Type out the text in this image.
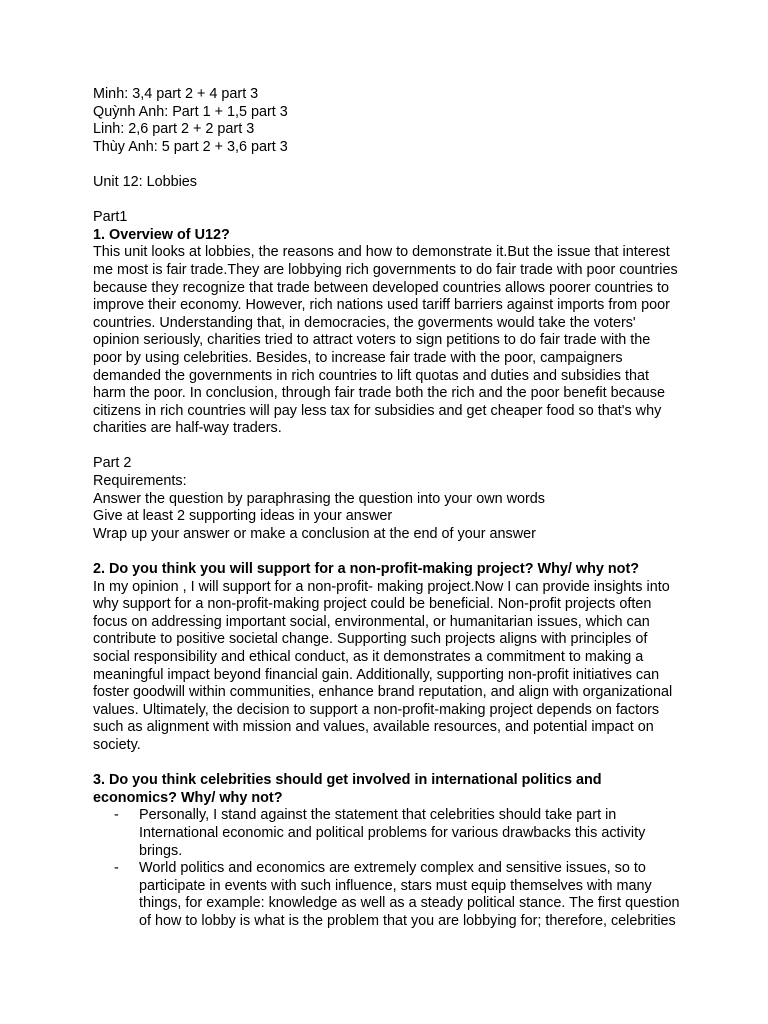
Minh: 3,4 part 2 + 4 part 3
Quỳnh Anh: Part 1 + 1,5 part 3
Linh: 2,6 part 2 + 2 part 3
Thùy Anh: 5 part 2 + 3,6 part 3
Unit 12: Lobbies
Part1
1. Overview of U12?
This unit looks at lobbies, the reasons and how to demonstrate it.But the issue that interest
me most is fair trade.They are lobbying rich governments to do fair trade with poor countries
because they recognize that trade between developed countries allows poorer countries to
improve their economy. However, rich nations used tariff barriers against imports from poor
countries. Understanding that, in democracies, the goverments would take the voters'
opinion seriously, charities tried to attract voters to sign petitions to do fair trade with the
poor by using celebrities. Besides, to increase fair trade with the poor, campaigners
demanded the governments in rich countries to lift quotas and duties and subsidies that
harm the poor. In conclusion, through fair trade both the rich and the poor benefit because
citizens in rich countries will pay less tax for subsidies and get cheaper food so that's why
charities are half-way traders.
Part 2
Requirements:
Answer the question by paraphrasing the question into your own words
Give at least 2 supporting ideas in your answer
Wrap up your answer or make a conclusion at the end of your answer
2. Do you think you will support for a non-profit-making project? Why/ why not?
In my opinion , I will support for a non-profit- making project.Now I can provide insights into
why support for a non-profit-making project could be beneficial. Non-profit projects often
focus on addressing important social, environmental, or humanitarian issues, which can
contribute to positive societal change. Supporting such projects aligns with principles of
social responsibility and ethical conduct, as it demonstrates a commitment to making a
meaningful impact beyond financial gain. Additionally, supporting non-profit initiatives can
foster goodwill within communities, enhance brand reputation, and align with organizational
values. Ultimately, the decision to support a non-profit-making project depends on factors
such as alignment with mission and values, available resources, and potential impact on
society.
3. Do you think celebrities should get involved in international politics and
economics? Why/ why not?
- Personally, I stand against the statement that celebrities should take part in
International economic and political problems for various drawbacks this activity
brings.
- World politics and economics are extremely complex and sensitive issues, so to
participate in events with such influence, stars must equip themselves with many
things, for example: knowledge as well as a steady political stance. The first question
of how to lobby is what is the problem that you are lobbying for; therefore, celebrities
